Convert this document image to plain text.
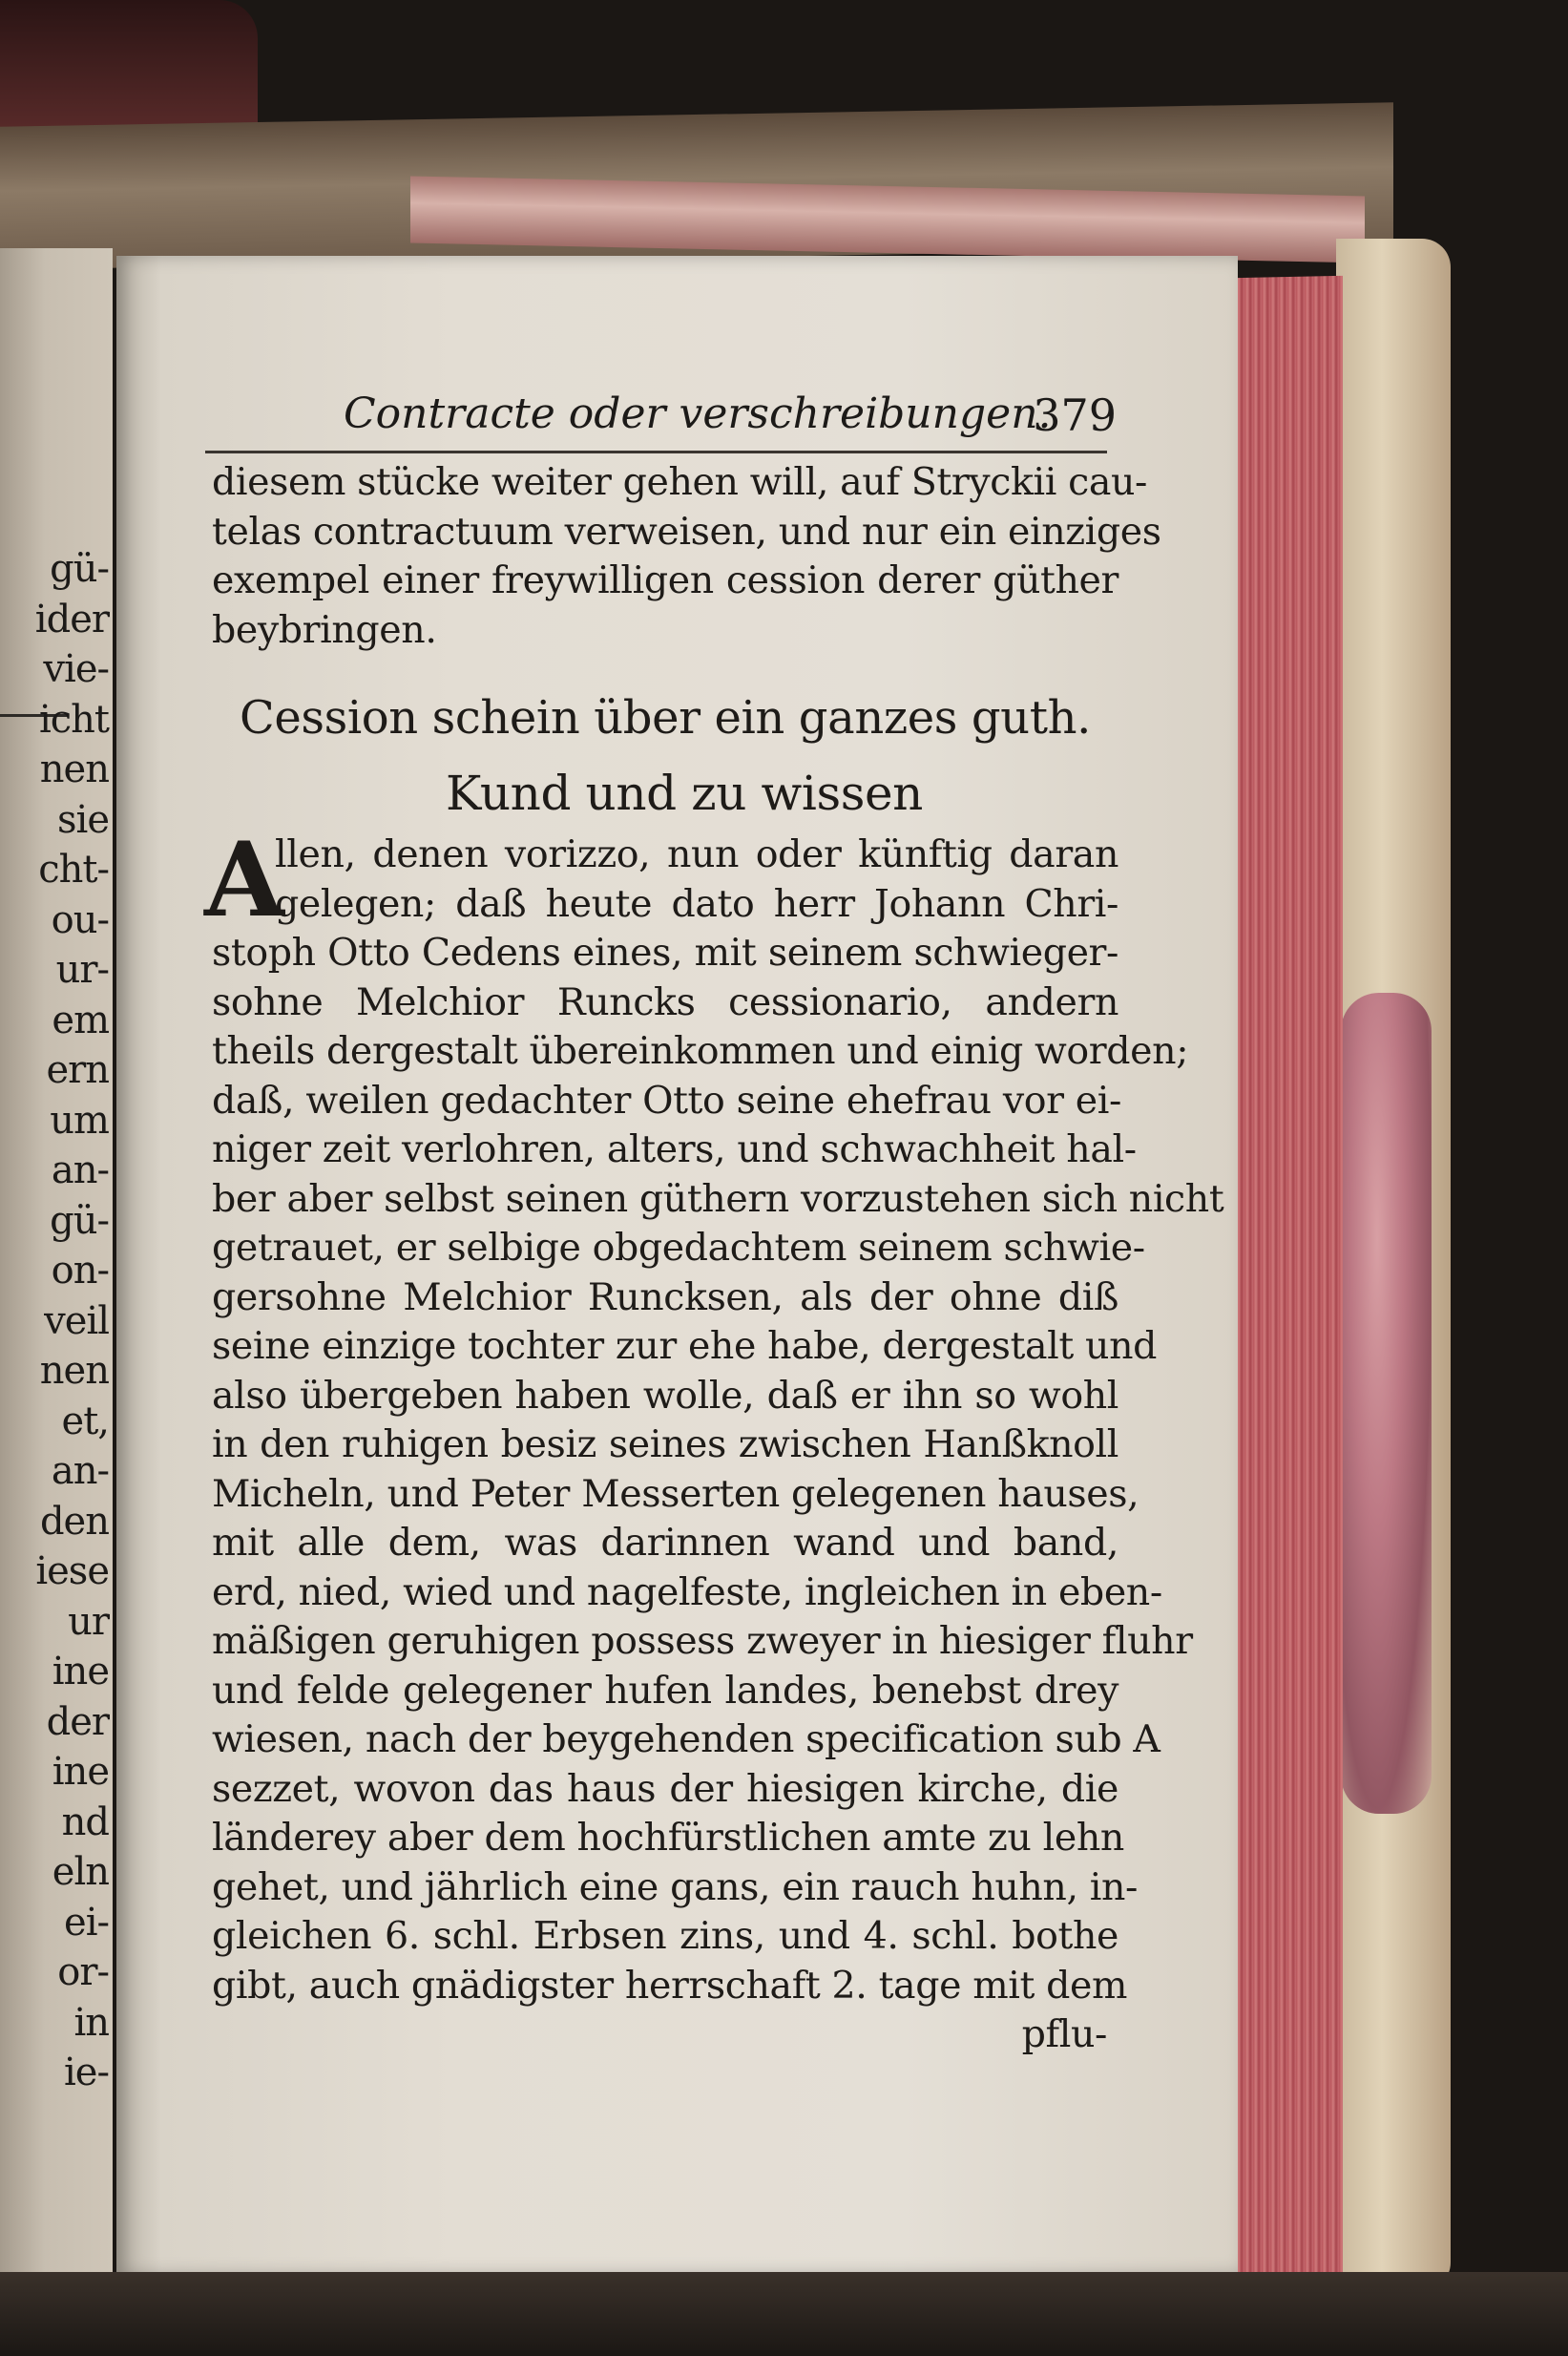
gü-
ider
vie-
icht
nen
sie
cht-
ou-
ur-
em
ern
um
an-
gü-
on-
veil
nen
et,
an-
den
iese
ur
ine
der
ine
nd
eln
ei-
or-
in
ie-
Contracte oder verschreibungen.
379
diesem stücke weiter gehen will, auf Stryckii cau-
telas contractuum verweisen, und nur ein einziges
exempel einer freywilligen cession derer güther
beybringen.
Cession schein über ein ganzes guth.
Kund und zu wissen
A
llen, denen vorizzo, nun oder künftig daran
gelegen; daß heute dato herr Johann Chri-
stoph Otto Cedens eines, mit seinem schwieger-
sohne Melchior Runcks cessionario, andern
theils dergestalt übereinkommen und einig worden;
daß, weilen gedachter Otto seine ehefrau vor ei-
niger zeit verlohren, alters, und schwachheit hal-
ber aber selbst seinen güthern vorzustehen sich nicht
getrauet, er selbige obgedachtem seinem schwie-
gersohne Melchior Runcksen, als der ohne diß
seine einzige tochter zur ehe habe, dergestalt und
also übergeben haben wolle, daß er ihn so wohl
in den ruhigen besiz seines zwischen Hanßknoll
Micheln, und Peter Messerten gelegenen hauses,
mit alle dem, was darinnen wand und band,
erd, nied, wied und nagelfeste, ingleichen in eben-
mäßigen geruhigen possess zweyer in hiesiger fluhr
und felde gelegener hufen landes, benebst drey
wiesen, nach der beygehenden specification sub A
sezzet, wovon das haus der hiesigen kirche, die
länderey aber dem hochfürstlichen amte zu lehn
gehet, und jährlich eine gans, ein rauch huhn, in-
gleichen 6. schl. Erbsen zins, und 4. schl. bothe
gibt, auch gnädigster herrschaft 2. tage mit dem
pflu-
